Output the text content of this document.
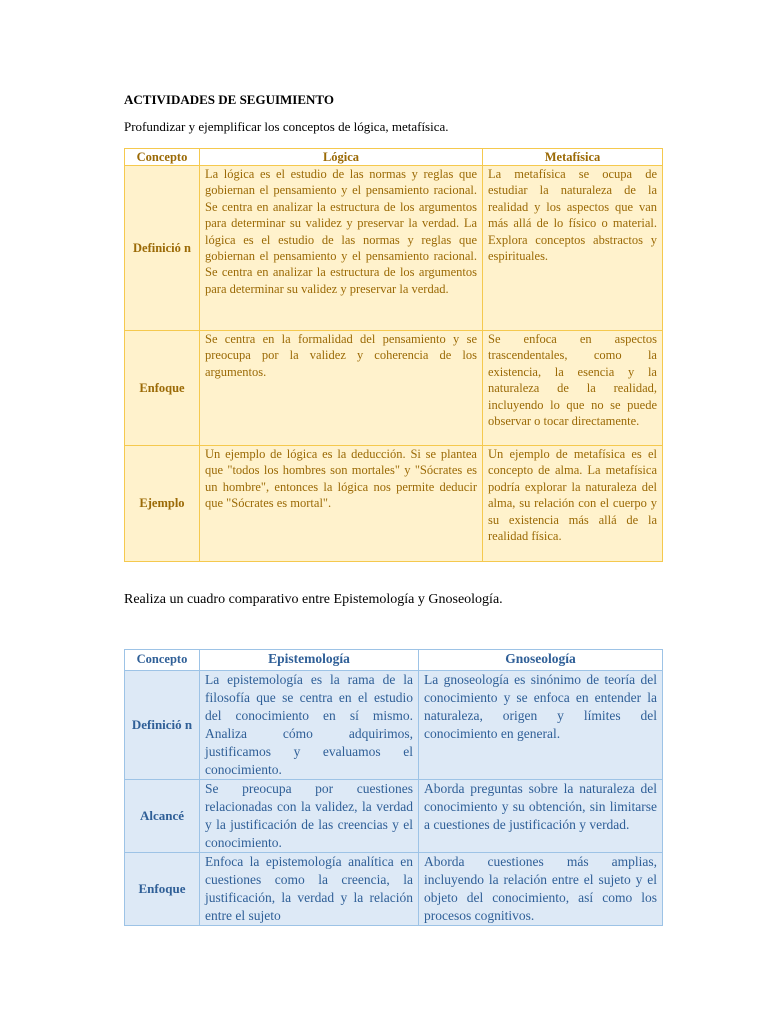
ACTIVIDADES DE SEGUIMIENTO
Profundizar y ejemplificar los conceptos de lógica, metafísica.
Concepto	Lógica	Metafísica
Definició n	La lógica es el estudio de las normas y reglas que gobiernan el pensamiento y el pensamiento racional. Se centra en analizar la estructura de los argumentos para determinar su validez y preservar la verdad. La lógica es el estudio de las normas y reglas que gobiernan el pensamiento y el pensamiento racional. Se centra en analizar la estructura de los argumentos para determinar su validez y preservar la verdad.	La metafísica se ocupa de estudiar la naturaleza de la realidad y los aspectos que van más allá de lo físico o material. Explora conceptos abstractos y espirituales.
Enfoque	Se centra en la formalidad del pensamiento y se preocupa por la validez y coherencia de los argumentos.	Se enfoca en aspectos trascendentales, como la existencia, la esencia y la naturaleza de la realidad, incluyendo lo que no se puede observar o tocar directamente.
Ejemplo	Un ejemplo de lógica es la deducción. Si se plantea que "todos los hombres son mortales" y "Sócrates es un hombre", entonces la lógica nos permite deducir que "Sócrates es mortal".	Un ejemplo de metafísica es el concepto de alma. La metafísica podría explorar la naturaleza del alma, su relación con el cuerpo y su existencia más allá de la realidad física.
Realiza un cuadro comparativo entre Epistemología y Gnoseología.
Concepto	Epistemología	Gnoseología
Definició n	La epistemología es la rama de la filosofía que se centra en el estudio del conocimiento en sí mismo. Analiza cómo adquirimos, justificamos y evaluamos el conocimiento.	La gnoseología es sinónimo de teoría del conocimiento y se enfoca en entender la naturaleza, origen y límites del conocimiento en general.
Alcancé	Se preocupa por cuestiones relacionadas con la validez, la verdad y la justificación de las creencias y el conocimiento.	Aborda preguntas sobre la naturaleza del conocimiento y su obtención, sin limitarse a cuestiones de justificación y verdad.
Enfoque	Enfoca la epistemología analítica en cuestiones como la creencia, la justificación, la verdad y la relación entre el sujeto	Aborda cuestiones más amplias, incluyendo la relación entre el sujeto y el objeto del conocimiento, así como los procesos cognitivos.
